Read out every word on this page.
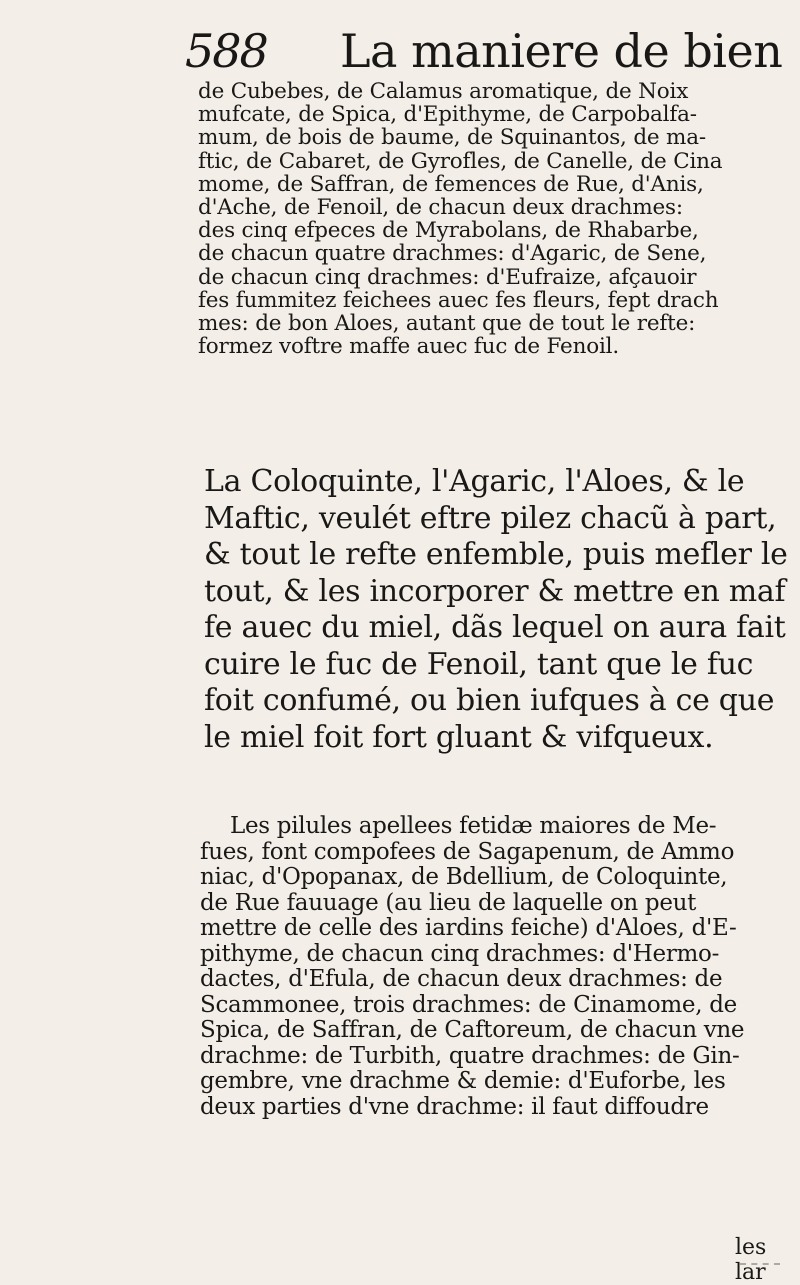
588 La maniere de bien
de Cubebes, de Calamus aromatique, de Noix
mufcate, de Spica, d'Epithyme, de Carpobalfa-
mum, de bois de baume, de Squinantos, de ma-
ftic, de Cabaret, de Gyrofles, de Canelle, de Cina
mome, de Saffran, de femences de Rue, d'Anis,
d'Ache, de Fenoil, de chacun deux drachmes:
des cinq efpeces de Myrabolans, de Rhabarbe,
de chacun quatre drachmes: d'Agaric, de Sene,
de chacun cinq drachmes: d'Eufraize, afçauoir
fes fummitez feichees auec fes fleurs, fept drach
mes: de bon Aloes, autant que de tout le refte:
formez voftre maffe auec fuc de Fenoil.
La Coloquinte, l'Agaric, l'Aloes, & le
Maftic, veulét eftre pilez chacũ à part,
& tout le refte enfemble, puis mefler le
tout, & les incorporer & mettre en maf
fe auec du miel, dãs lequel on aura fait
cuire le fuc de Fenoil, tant que le fuc
foit confumé, ou bien iufques à ce que
le miel foit fort gluant & vifqueux.
Les pilules apellees fetidæ maiores de Me-
fues, font compofees de Sagapenum, de Ammo
niac, d'Opopanax, de Bdellium, de Coloquinte,
de Rue fauuage (au lieu de laquelle on peut
mettre de celle des iardins feiche) d'Aloes, d'E-
pithyme, de chacun cinq drachmes: d'Hermo-
dactes, d'Efula, de chacun deux drachmes: de
Scammonee, trois drachmes: de Cinamome, de
Spica, de Saffran, de Caftoreum, de chacun vne
drachme: de Turbith, quatre drachmes: de Gin-
gembre, vne drachme & demie: d'Euforbe, les
deux parties d'vne drachme: il faut diffoudre
les lar
